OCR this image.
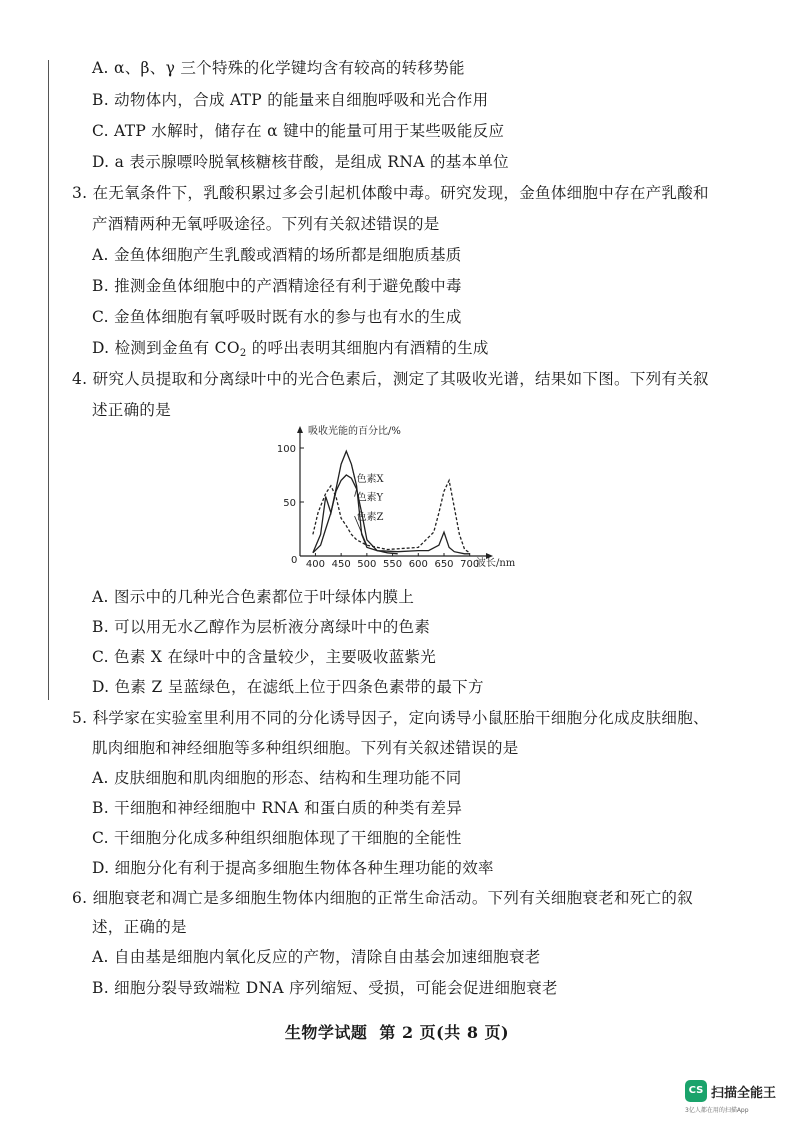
A. α、β、γ 三个特殊的化学键均含有较高的转移势能
B. 动物体内，合成 ATP 的能量来自细胞呼吸和光合作用
C. ATP 水解时，储存在 α 键中的能量可用于某些吸能反应
D. a 表示腺嘌呤脱氧核糖核苷酸，是组成 RNA 的基本单位
3. 在无氧条件下，乳酸积累过多会引起机体酸中毒。研究发现，金鱼体细胞中存在产乳酸和
产酒精两种无氧呼吸途径。下列有关叙述错误的是
A. 金鱼体细胞产生乳酸或酒精的场所都是细胞质基质
B. 推测金鱼体细胞中的产酒精途径有利于避免酸中毒
C. 金鱼体细胞有氧呼吸时既有水的参与也有水的生成
D. 检测到金鱼有 $CO_2$ 的呼出表明其细胞内有酒精的生成
4. 研究人员提取和分离绿叶中的光合色素后，测定了其吸收光谱，结果如下图。下列有关叙
述正确的是
吸收光能的百分比/%
波长/nm
0
50
100
400 450 500 550 600 650 700
色素X
色素Y
色素Z
A. 图示中的几种光合色素都位于叶绿体内膜上
B. 可以用无水乙醇作为层析液分离绿叶中的色素
C. 色素 X 在绿叶中的含量较少，主要吸收蓝紫光
D. 色素 Z 呈蓝绿色，在滤纸上位于四条色素带的最下方
5. 科学家在实验室里利用不同的分化诱导因子，定向诱导小鼠胚胎干细胞分化成皮肤细胞、
肌肉细胞和神经细胞等多种组织细胞。下列有关叙述错误的是
A. 皮肤细胞和肌肉细胞的形态、结构和生理功能不同
B. 干细胞和神经细胞中 RNA 和蛋白质的种类有差异
C. 干细胞分化成多种组织细胞体现了干细胞的全能性
D. 细胞分化有利于提高多细胞生物体各种生理功能的效率
6. 细胞衰老和凋亡是多细胞生物体内细胞的正常生命活动。下列有关细胞衰老和死亡的叙
述，正确的是
A. 自由基是细胞内氧化反应的产物，清除自由基会加速细胞衰老
B. 细胞分裂导致端粒 DNA 序列缩短、受损，可能会促进细胞衰老
生物学试题 第 2 页(共 8 页)
CS 扫描全能王
3亿人都在用的扫描App
